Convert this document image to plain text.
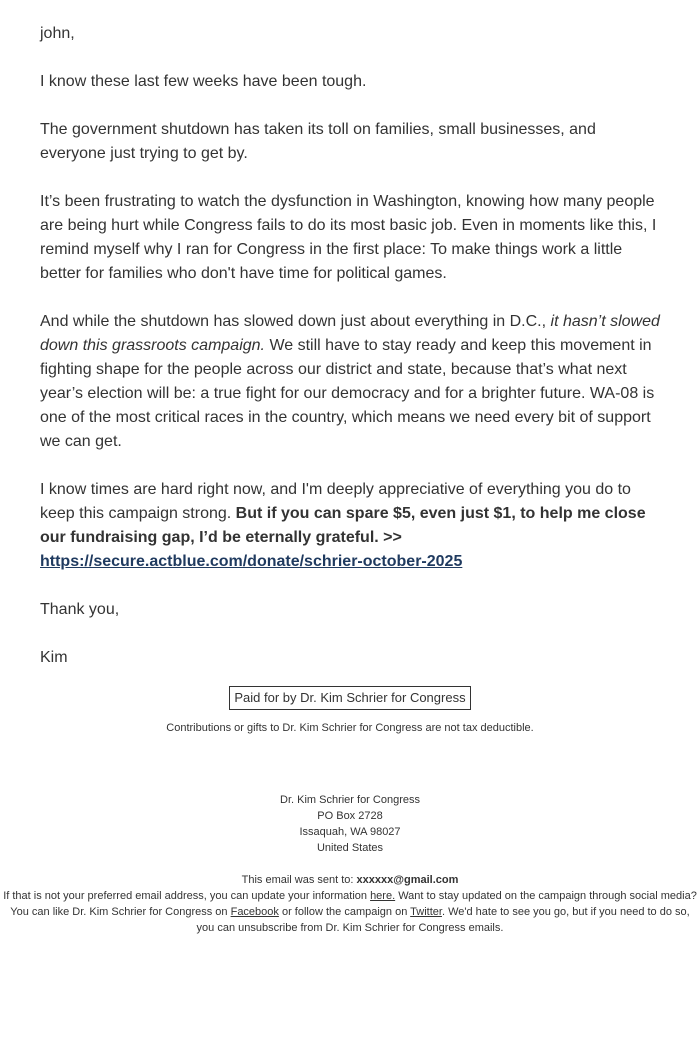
john,

I know these last few weeks have been tough.

The government shutdown has taken its toll on families, small businesses, and everyone just trying to get by.

It’s been frustrating to watch the dysfunction in Washington, knowing how many people are being hurt while Congress fails to do its most basic job. Even in moments like this, I remind myself why I ran for Congress in the first place: To make things work a little better for families who don't have time for political games.

And while the shutdown has slowed down just about everything in D.C., it hasn’t slowed down this grassroots campaign. We still have to stay ready and keep this movement in fighting shape for the people across our district and state, because that’s what next year’s election will be: a true fight for our democracy and for a brighter future. WA-08 is one of the most critical races in the country, which means we need every bit of support we can get.

I know times are hard right now, and I'm deeply appreciative of everything you do to keep this campaign strong. But if you can spare $5, even just $1, to help me close our fundraising gap, I’d be eternally grateful. >>
https://secure.actblue.com/donate/schrier-october-2025

Thank you,

Kim

Paid for by Dr. Kim Schrier for Congress
Contributions or gifts to Dr. Kim Schrier for Congress are not tax deductible.
Dr. Kim Schrier for Congress
PO Box 2728
Issaquah, WA 98027
United States
This email was sent to: xxxxxx@gmail.com
If that is not your preferred email address, you can update your information here. Want to stay updated on the campaign through social media? You can like Dr. Kim Schrier for Congress on Facebook or follow the campaign on Twitter. We'd hate to see you go, but if you need to do so, you can unsubscribe from Dr. Kim Schrier for Congress emails.
